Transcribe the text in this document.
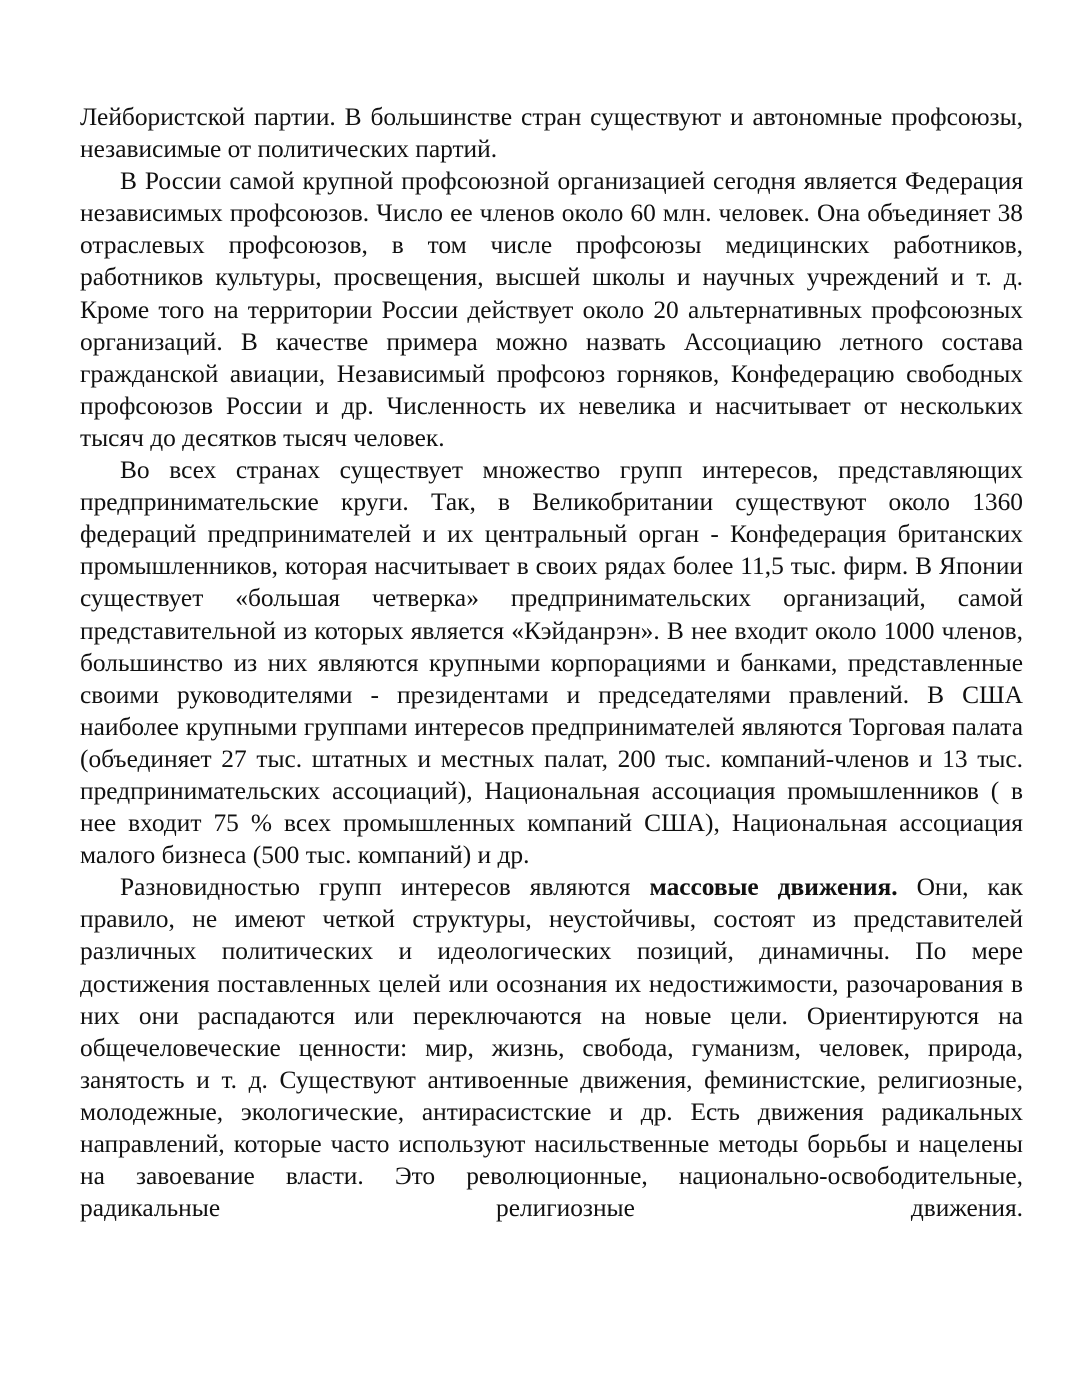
Лейбористской партии. В большинстве стран существуют и автономные профсоюзы, независимые от политических партий.

В России самой крупной профсоюзной организацией сегодня является Федерация независимых профсоюзов. Число ее членов около 60 млн. человек. Она объединяет 38 отраслевых профсоюзов, в том числе профсоюзы медицинских работников, работников культуры, просвещения, высшей школы и научных учреждений и т. д. Кроме того на территории России действует около 20 альтернативных профсоюзных организаций. В качестве примера можно назвать Ассоциацию летного состава гражданской авиации, Независимый профсоюз горняков, Конфедерацию свободных профсоюзов России и др. Численность их невелика и насчитывает от нескольких тысяч до десятков тысяч человек.

Во всех странах существует множество групп интересов, представляющих предпринимательские круги. Так, в Великобритании существуют около 1360 федераций предпринимателей и их центральный орган - Конфедерация британских промышленников, которая насчитывает в своих рядах более 11,5 тыс. фирм. В Японии существует «большая четверка» предпринимательских организаций, самой представительной из которых является «Кэйданрэн». В нее входит около 1000 членов, большинство из них являются крупными корпорациями и банками, представленные своими руководителями - президентами и председателями правлений. В США наиболее крупными группами интересов предпринимателей являются Торговая палата (объединяет 27 тыс. штатных и местных палат, 200 тыс. компаний-членов и 13 тыс. предпринимательских ассоциаций), Национальная ассоциация промышленников ( в нее входит 75 % всех промышленных компаний США), Национальная ассоциация малого бизнеса (500 тыс. компаний) и др.

Разновидностью групп интересов являются массовые движения. Они, как правило, не имеют четкой структуры, неустойчивы, состоят из представителей различных политических и идеологических позиций, динамичны. По мере достижения поставленных целей или осознания их недостижимости, разочарования в них они распадаются или переключаются на новые цели. Ориентируются на общечеловеческие ценности: мир, жизнь, свобода, гуманизм, человек, природа, занятость и т. д. Существуют антивоенные движения, феминистские, религиозные, молодежные, экологические, антирасистские и др. Есть движения радикальных направлений, которые часто используют насильственные методы борьбы и нацелены на завоевание власти. Это революционные, национально-освободительные, радикальные религиозные движения.
